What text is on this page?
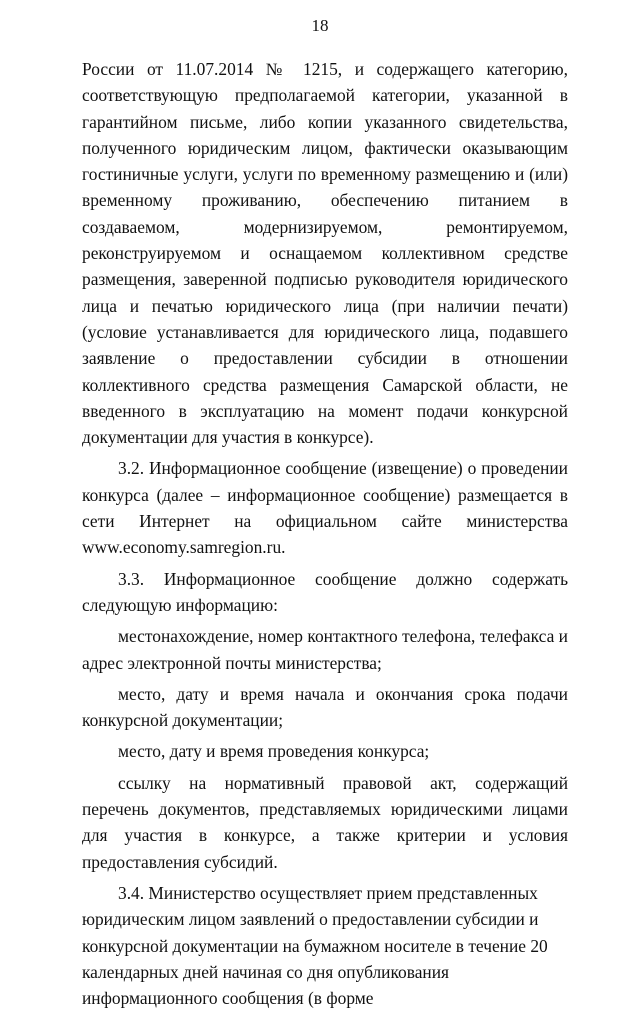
18

России от 11.07.2014 № 1215, и содержащего категорию, соответствующую предполагаемой категории, указанной в гарантийном письме, либо копии указанного свидетельства, полученного юридическим лицом, фактически оказывающим гостиничные услуги, услуги по временному размещению и (или) временному проживанию, обеспечению питанием в создаваемом, модернизируемом, ремонтируемом, реконструируемом и оснащаемом коллективном средстве размещения, заверенной подписью руководителя юридического лица и печатью юридического лица (при наличии печати) (условие устанавливается для юридического лица, подавшего заявление о предоставлении субсидии в отношении коллективного средства размещения Самарской области, не введенного в эксплуатацию на момент подачи конкурсной документации для участия в конкурсе).

3.2. Информационное сообщение (извещение) о проведении конкурса (далее – информационное сообщение) размещается в сети Интернет на официальном сайте министерства www.economy.samregion.ru.

3.3. Информационное сообщение должно содержать следующую информацию:

местонахождение, номер контактного телефона, телефакса и адрес электронной почты министерства;

место, дату и время начала и окончания срока подачи конкурсной документации;

место, дату и время проведения конкурса;

ссылку на нормативный правовой акт, содержащий перечень документов, представляемых юридическими лицами для участия в конкурсе, а также критерии и условия предоставления субсидий.

3.4. Министерство осуществляет прием представленных юридическим лицом заявлений о предоставлении субсидии и конкурсной документации на бумажном носителе в течение 20 календарных дней начиная со дня опубликования информационного сообщения (в форме
